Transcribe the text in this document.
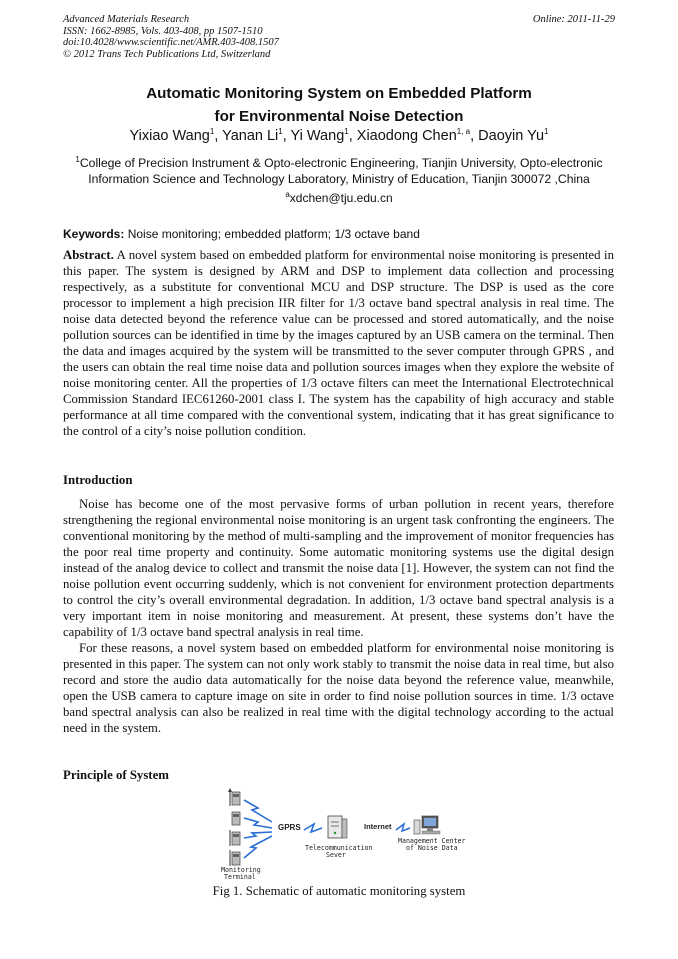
Advanced Materials Research
ISSN: 1662-8985, Vols. 403-408, pp 1507-1510
doi:10.4028/www.scientific.net/AMR.403-408.1507
© 2012 Trans Tech Publications Ltd, Switzerland
Online: 2011-11-29
Automatic Monitoring System on Embedded Platform
for Environmental Noise Detection
Yixiao Wang$^1$, Yanan Li$^1$, Yi Wang$^1$, Xiaodong Chen$^{1, a}$, Daoyin Yu$^1$
$^1$College of Precision Instrument & Opto-electronic Engineering, Tianjin University, Opto-electronic
Information Science and Technology Laboratory, Ministry of Education, Tianjin 300072 ,China
$^a$xdchen@tju.edu.cn
Keywords: Noise monitoring; embedded platform; 1/3 octave band
Abstract. A novel system based on embedded platform for environmental noise monitoring is presented in this paper. The system is designed by ARM and DSP to implement data collection and processing respectively, as a substitute for conventional MCU and DSP structure. The DSP is used as the core processor to implement a high precision IIR filter for 1/3 octave band spectral analysis in real time. The noise data detected beyond the reference value can be processed and stored automatically, and the noise pollution sources can be identified in time by the images captured by an USB camera on the terminal. Then the data and images acquired by the system will be transmitted to the sever computer through GPRS , and the users can obtain the real time noise data and pollution sources images when they explore the website of noise monitoring center. All the properties of 1/3 octave filters can meet the International Electrotechnical Commission Standard IEC61260-2001 class I. The system has the capability of high accuracy and stable performance at all time compared with the conventional system, indicating that it has great significance to the control of a city’s noise pollution condition.
Introduction

Noise has become one of the most pervasive forms of urban pollution in recent years, therefore strengthening the regional environmental noise monitoring is an urgent task confronting the engineers. The conventional monitoring by the method of multi-sampling and the improvement of monitor frequencies has the poor real time property and continuity. Some automatic monitoring systems use the digital design instead of the analog device to collect and transmit the noise data [1]. However, the system can not find the noise pollution event occurring suddenly, which is not convenient for environment protection departments to control the city’s overall environmental degradation. In addition, 1/3 octave band spectral analysis is a very important item in noise monitoring and measurement. At present, these systems don’t have the capability of 1/3 octave band spectral analysis in real time.

For these reasons, a novel system based on embedded platform for environmental noise monitoring is presented in this paper. The system can not only work stably to transmit the noise data in real time, but also record and store the audio data automatically for the noise data beyond the reference value, meanwhile, open the USB camera to capture image on site in order to find noise pollution sources in time. 1/3 octave band spectral analysis can also be realized in real time with the digital technology according to the actual need in the system.

Principle of System
Monitoring
Terminal
GPRS
Telecommunication
Sever
Internet
Management Center
of Noise Data
Fig 1. Schematic of automatic monitoring system
